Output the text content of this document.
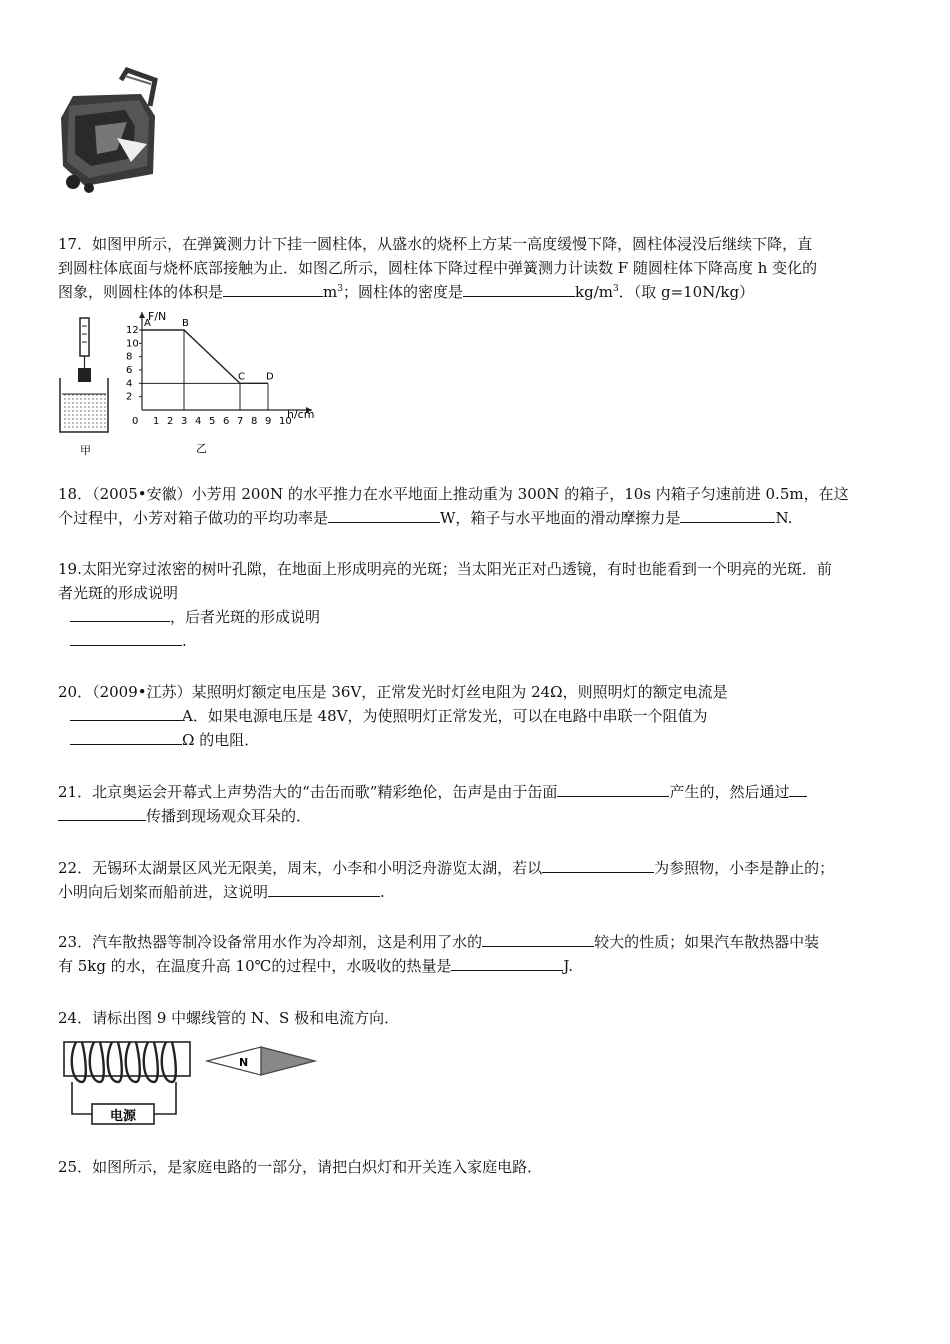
17．如图甲所示，在弹簧测力计下挂一圆柱体，从盛水的烧杯上方某一高度缓慢下降，圆柱体浸没后继续下降，直
到圆柱体底面与烧杯底部接触为止．如图乙所示，圆柱体下降过程中弹簧测力计读数 F 随圆柱体下降高度 h 变化的
图象，则圆柱体的体积是	$m^3$；圆柱体的密度是	$kg/m^3$．（取 g=10N/kg）
甲
1 2 3 4 5 6 7 8 9 10
0
2
4
6
8
10
12
A	B
C D
F/N
h/cm
乙
18．（2005•安徽）小芳用 200N 的水平推力在水平地面上推动重为 300N 的箱子，10s 内箱子匀速前进 0.5m，在这
个过程中，小芳对箱子做功的平均功率是	W，箱子与水平地面的滑动摩擦力是	N.
19.太阳光穿过浓密的树叶孔隙，在地面上形成明亮的光斑；当太阳光正对凸透镜，有时也能看到一个明亮的光斑．前
者光斑的形成说明
，后者光斑的形成说明
.
20．（2009•江苏）某照明灯额定电压是 36V，正常发光时灯丝电阻为 24Ω，则照明灯的额定电流是
A．如果电源电压是 48V，为使照明灯正常发光，可以在电路中串联一个阻值为
Ω 的电阻．
21．北京奥运会开幕式上声势浩大的“击缶而歌”精彩绝伦，缶声是由于缶面	产生的，然后通过
传播到现场观众耳朵的．
22．无锡环太湖景区风光无限美，周末，小李和小明泛舟游览太湖，若以	为参照物，小李是静止的；
小明向后划桨而船前进，这说明	.
23．汽车散热器等制冷设备常用水作为冷却剂，这是利用了水的	较大的性质；如果汽车散热器中装
有 5kg 的水，在温度升高 10℃的过程中，水吸收的热量是	J.
24．请标出图 9 中螺线管的 N、S 极和电流方向．
电源
N
25．如图所示，是家庭电路的一部分，请把白炽灯和开关连入家庭电路．
